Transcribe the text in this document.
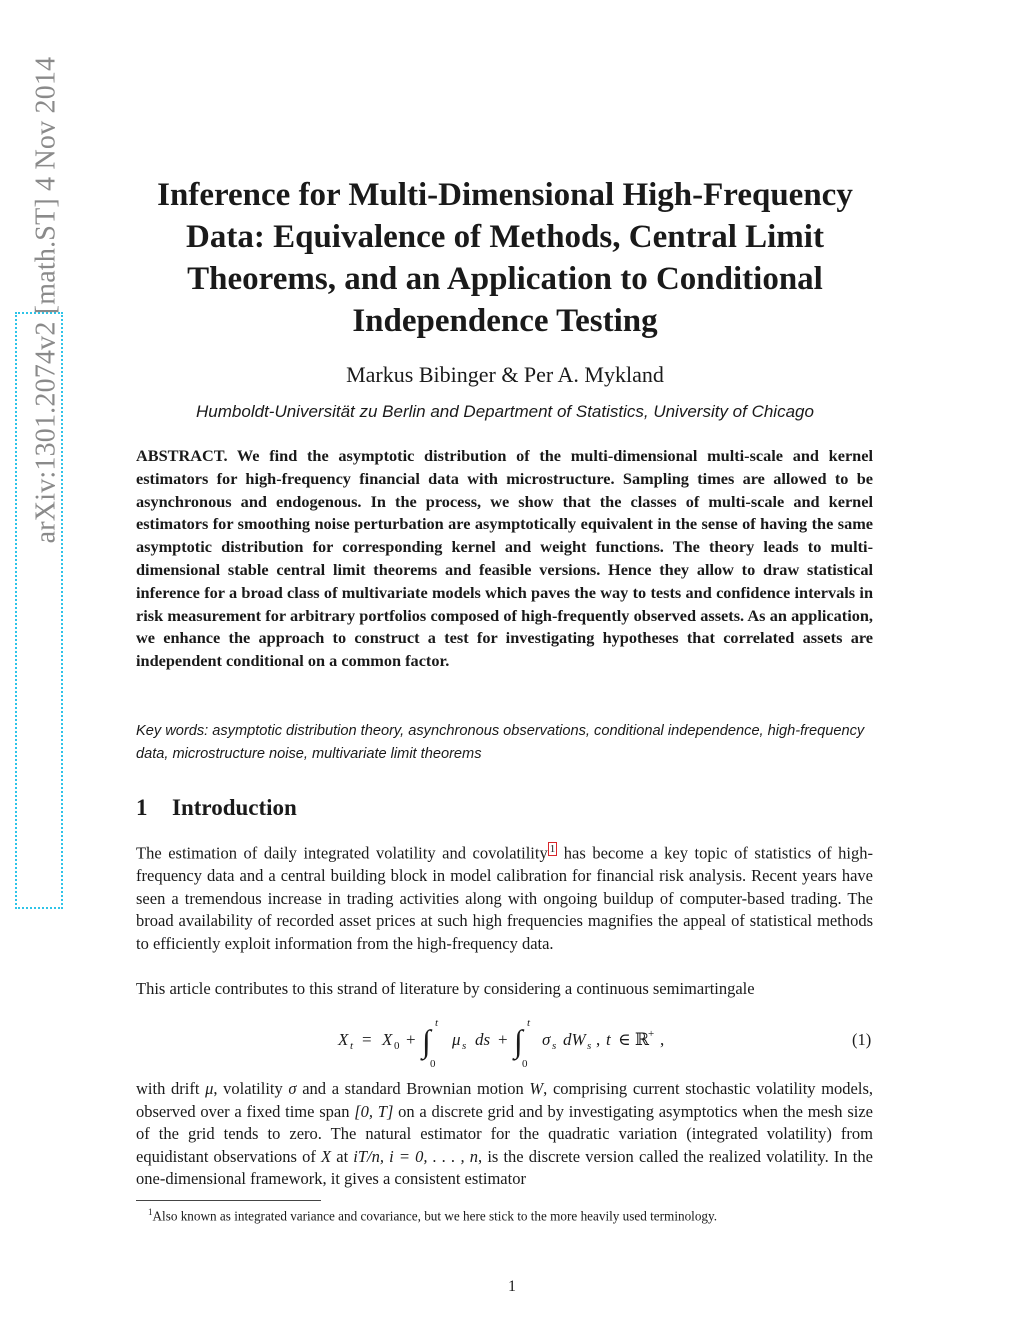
arXiv:1301.2074v2 [math.ST] 4 Nov 2014	Inference for Multi-Dimensional High-Frequency Data: Equivalence of Methods, Central Limit Theorems, and an Application to Conditional Independence Testing
Markus Bibinger & Per A. Mykland
Humboldt-Universität zu Berlin and Department of Statistics, University of Chicago
ABSTRACT. We find the asymptotic distribution of the multi-dimensional multi-scale and kernel estimators for high-frequency financial data with microstructure. Sampling times are allowed to be asynchronous and endogenous. In the process, we show that the classes of multi-scale and kernel estimators for smoothing noise perturbation are asymptotically equivalent in the sense of having the same asymptotic distribution for corresponding kernel and weight functions. The theory leads to multi-dimensional stable central limit theorems and feasible versions. Hence they allow to draw statistical inference for a broad class of multivariate models which paves the way to tests and confidence intervals in risk measurement for arbitrary portfolios composed of high-frequently observed assets. As an application, we enhance the approach to construct a test for investigating hypotheses that correlated assets are independent conditional on a common factor.
Key words: asymptotic distribution theory, asynchronous observations, conditional independence, high-frequency data, microstructure noise, multivariate limit theorems
1 Introduction
The estimation of daily integrated volatility and covolatility 1 has become a key topic of statistics of high-frequency data and a central building block in model calibration for financial risk analysis. Recent years have seen a tremendous increase in trading activities along with ongoing buildup of computer-based trading. The broad availability of recorded asset prices at such high frequencies magnifies the appeal of statistical methods to efficiently exploit information from the high-frequency data.
This article contributes to this strand of literature by considering a continuous semimartingale
X t = X 0 + ∫ t
0
μ s ds + ∫ t
0
σ s dW s , t ∈ ℝ
+ ,	(1)
with drift μ, volatility σ and a standard Brownian motion W, comprising current stochastic volatility models, observed over a fixed time span [0, T] on a discrete grid and by investigating asymptotics when the mesh size of the grid tends to zero. The natural estimator for the quadratic variation (integrated volatility) from equidistant observations of X at iT/n, i = 0, . . . , n, is the discrete version called the realized volatility. In the one-dimensional framework, it gives a consistent estimator
$^1$Also known as integrated variance and covariance, but we here stick to the more heavily used terminology.
1
